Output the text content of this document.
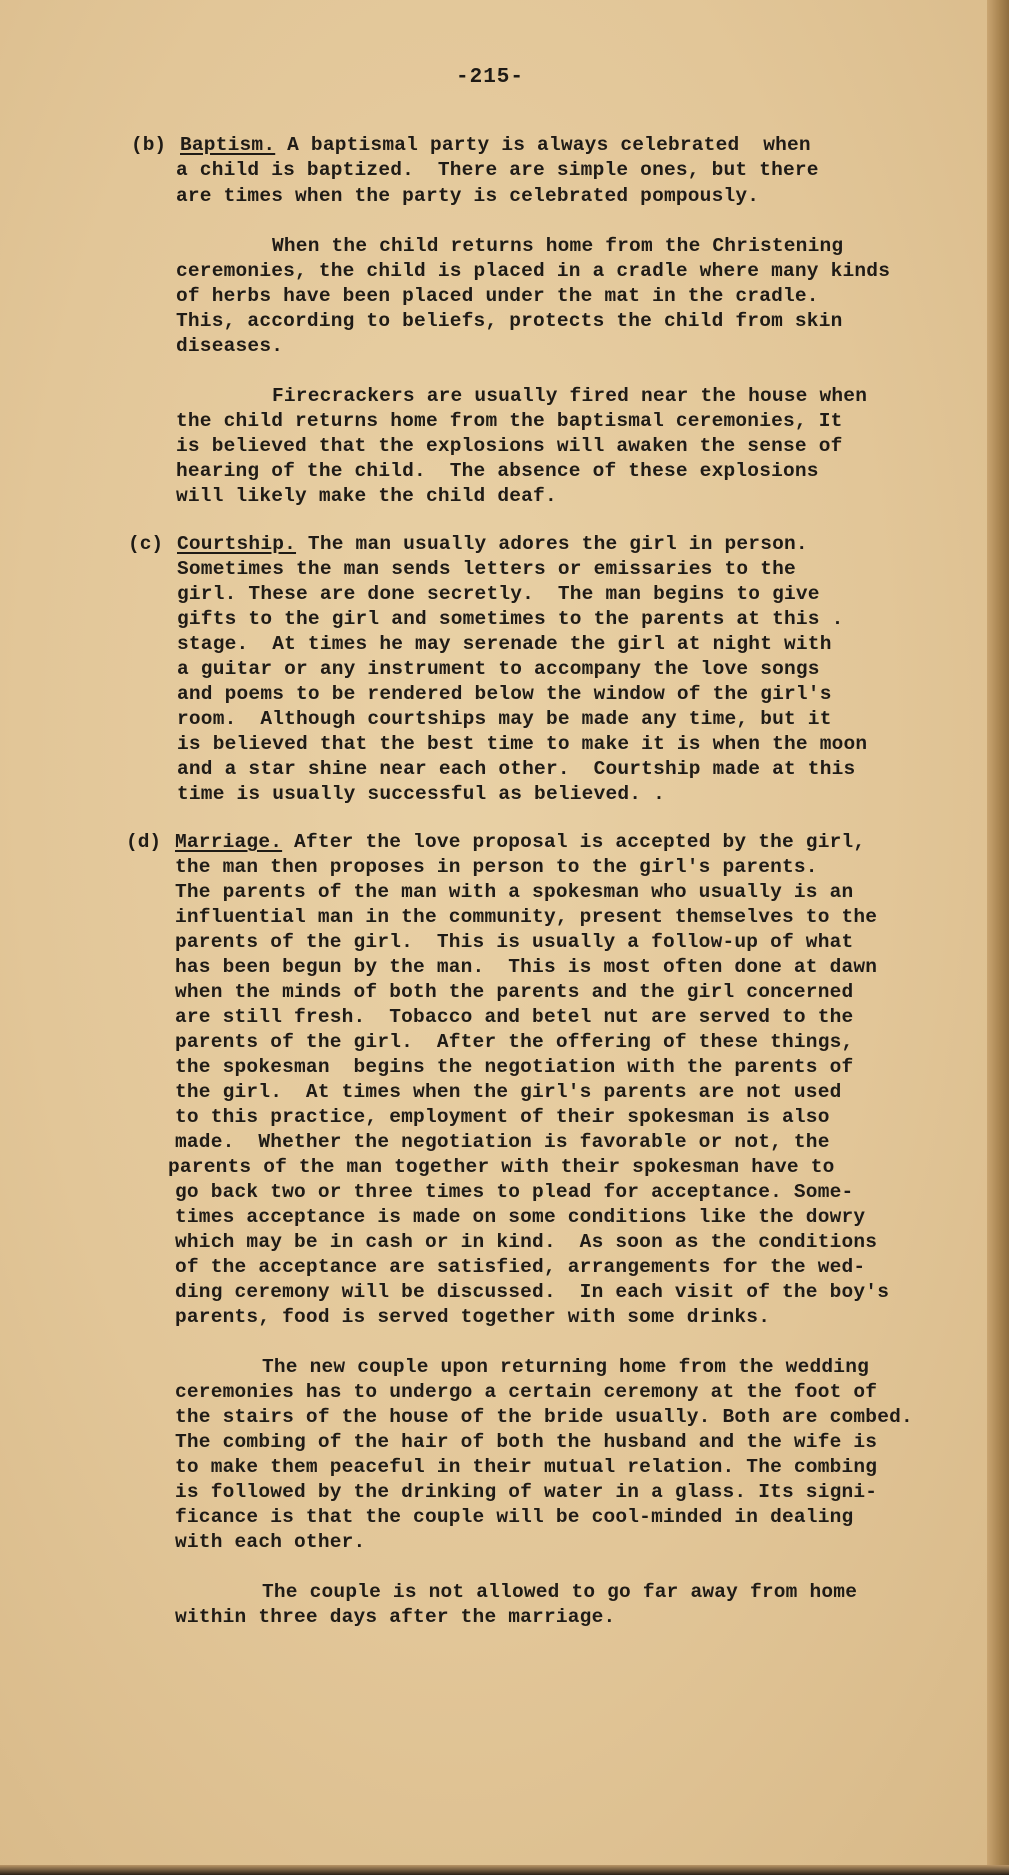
-215-
(b) Baptism. A baptismal party is always celebrated  when
a child is baptized.  There are simple ones, but there
are times when the party is celebrated pompously.
When the child returns home from the Christening
ceremonies, the child is placed in a cradle where many kinds
of herbs have been placed under the mat in the cradle.
This, according to beliefs, protects the child from skin
diseases.
Firecrackers are usually fired near the house when
the child returns home from the baptismal ceremonies, It
is believed that the explosions will awaken the sense of
hearing of the child.  The absence of these explosions
will likely make the child deaf.
(c) Courtship. The man usually adores the girl in person.
Sometimes the man sends letters or emissaries to the
girl. These are done secretly.  The man begins to give
gifts to the girl and sometimes to the parents at this .
stage.  At times he may serenade the girl at night with
a guitar or any instrument to accompany the love songs
and poems to be rendered below the window of the girl's
room.  Although courtships may be made any time, but it
is believed that the best time to make it is when the moon
and a star shine near each other.  Courtship made at this
time is usually successful as believed. .
(d) Marriage. After the love proposal is accepted by the girl,
the man then proposes in person to the girl's parents.
The parents of the man with a spokesman who usually is an
influential man in the community, present themselves to the
parents of the girl.  This is usually a follow-up of what
has been begun by the man.  This is most often done at dawn
when the minds of both the parents and the girl concerned
are still fresh.  Tobacco and betel nut are served to the
parents of the girl.  After the offering of these things,
the spokesman  begins the negotiation with the parents of
the girl.  At times when the girl's parents are not used
to this practice, employment of their spokesman is also
made.  Whether the negotiation is favorable or not, the
parents of the man together with their spokesman have to
go back two or three times to plead for acceptance. Some-
times acceptance is made on some conditions like the dowry
which may be in cash or in kind.  As soon as the conditions
of the acceptance are satisfied, arrangements for the wed-
ding ceremony will be discussed.  In each visit of the boy's
parents, food is served together with some drinks.
The new couple upon returning home from the wedding
ceremonies has to undergo a certain ceremony at the foot of
the stairs of the house of the bride usually. Both are combed.
The combing of the hair of both the husband and the wife is
to make them peaceful in their mutual relation. The combing
is followed by the drinking of water in a glass. Its signi-
ficance is that the couple will be cool-minded in dealing
with each other.
The couple is not allowed to go far away from home
within three days after the marriage.
